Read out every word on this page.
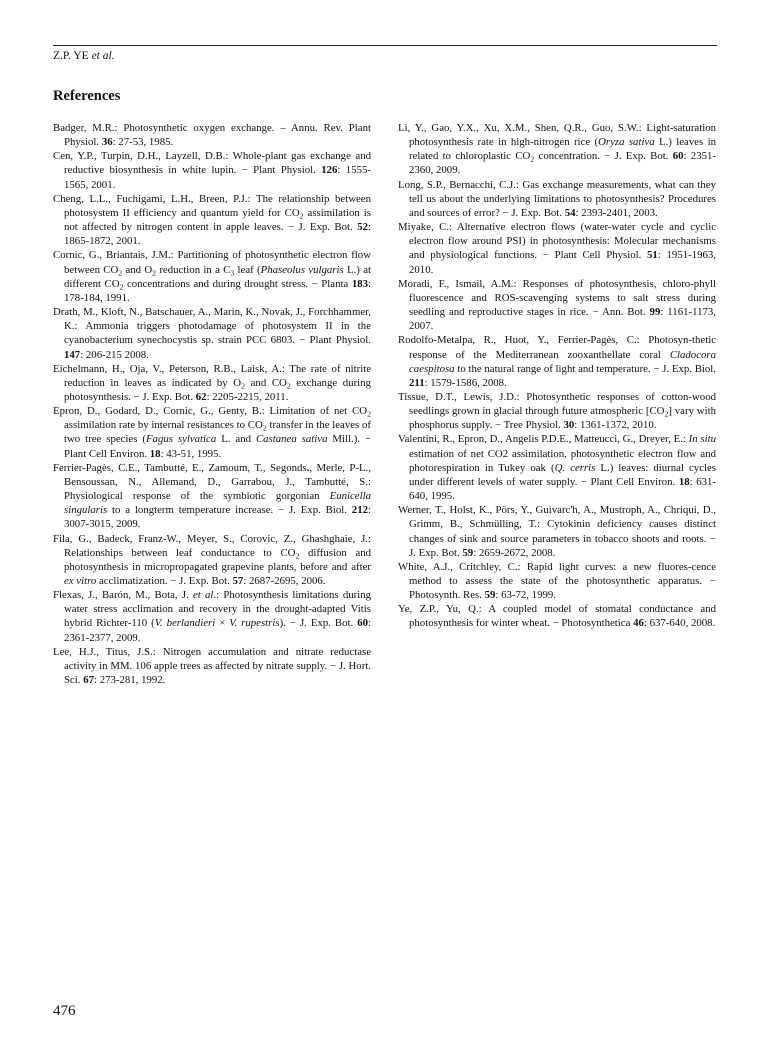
Z.P. YE et al.
References

Badger, M.R.: Photosynthetic oxygen exchange. – Annu. Rev. Plant Physiol. 36: 27-53, 1985.

Cen, Y.P., Turpin, D.H., Layzell, D.B.: Whole-plant gas exchange and reductive biosynthesis in white lupin. − Plant Physiol. 126: 1555-1565, 2001.

Cheng, L.L., Fuchigami, L.H., Breen, P.J.: The relationship between photosystem II efficiency and quantum yield for $CO_2$ assimilation is not affected by nitrogen content in apple leaves. − J. Exp. Bot. 52: 1865-1872, 2001.

Cornic, G., Briantais, J.M.: Partitioning of photosynthetic electron flow between $CO_2$ and $O_2$ reduction in a $C_3$ leaf (Phaseolus vulgaris L.) at different $CO_2$ concentrations and during drought stress. − Planta 183: 178-184, 1991.

Drath, M., Kloft, N., Batschauer, A., Marin, K., Novak, J., Forchhammer, K.: Ammonia triggers photodamage of photosystem II in the cyanobacterium synechocystis sp. strain PCC 6803. − Plant Physiol. 147: 206-215 2008.

Eichelmann, H., Oja, V., Peterson, R.B., Laisk, A.: The rate of nitrite reduction in leaves as indicated by $O_2$ and $CO_2$ exchange during photosynthesis. − J. Exp. Bot. 62: 2205-2215, 2011.

Epron, D., Godard, D., Cornic, G., Genty, B.: Limitation of net $CO_2$ assimilation rate by internal resistances to $CO_2$ transfer in the leaves of two tree species (Fagus sylvatica L. and Castanea sativa Mill.). − Plant Cell Environ. 18: 43-51, 1995.

Ferrier-Pagès, C.E., Tambutté, E., Zamoum, T., Segonds., Merle, P-L., Bensoussan, N., Allemand, D., Garrabou, J., Tambutté, S.: Physiological response of the symbiotic gorgonian Eunicella singularis to a longterm temperature increase. − J. Exp. Biol. 212: 3007-3015, 2009.

Fila, G., Badeck, Franz-W., Meyer, S., Corovic, Z., Ghashghaie, J.: Relationships between leaf conductance to $CO_2$ diffusion and photosynthesis in micropropagated grapevine plants, before and after ex vitro acclimatization. − J. Exp. Bot. 57: 2687-2695, 2006.

Flexas, J., Barón, M., Bota, J. et al.: Photosynthesis limitations during water stress acclimation and recovery in the drought-adapted Vitis hybrid Richter-110 (V. berlandieri × V. rupestris). − J. Exp. Bot. 60: 2361-2377, 2009.

Lee, H.J., Titus, J.S.: Nitrogen accumulation and nitrate reductase activity in MM. 106 apple trees as affected by nitrate supply. − J. Hort. Sci. 67: 273-281, 1992.

Li, Y., Gao, Y.X., Xu, X.M., Shen, Q.R., Guo, S.W.: Light-saturation photosynthesis rate in high-nitrogen rice (Oryza sativa L.) leaves in related to chloroplastic $CO_2$ concentration. − J. Exp. Bot. 60: 2351-2360, 2009.

Long, S.P., Bernacchi, C.J.: Gas exchange measurements, what can they tell us about the underlying limitations to photosynthesis? Procedures and sources of error? − J. Exp. Bot. 54: 2393-2401, 2003.

Miyake, C.: Alternative electron flows (water-water cycle and cyclic electron flow around PSI) in photosynthesis: Molecular mechanisms and physiological functions. − Plant Cell Physiol. 51: 1951-1963, 2010.

Moradi, F., Ismail, A.M.: Responses of photosynthesis, chloro-phyll fluorescence and ROS-scavenging systems to salt stress during seedling and reproductive stages in rice. − Ann. Bot. 99: 1161-1173, 2007.

Rodolfo-Metalpa, R., Huot, Y., Ferrier-Pagès, C.: Photosyn-thetic response of the Mediterranean zooxanthellate coral Cladocora caespitosa to the natural range of light and temperature. − J. Exp. Biol. 211: 1579-1586, 2008.

Tissue, D.T., Lewis, J.D.: Photosynthetic responses of cotton-wood seedlings grown in glacial through future atmospheric $[CO_2]$ vary with phosphorus supply. − Tree Physiol. 30: 1361-1372, 2010.

Valentini, R., Epron, D., Angelis P.D.E., Matteucci, G., Dreyer, E.: In situ estimation of net CO2 assimilation, photosynthetic electron flow and photorespiration in Tukey oak (Q. cerris L.) leaves: diurnal cycles under different levels of water supply. − Plant Cell Environ. 18: 631-640, 1995.

Werner, T., Holst, K., Pörs, Y., Guivarc'h, A., Mustroph, A., Chriqui, D., Grimm, B., Schmülling, T.: Cytokinin deficiency causes distinct changes of sink and source parameters in tobacco shoots and roots. − J. Exp. Bot. 59: 2659-2672, 2008.

White, A.J., Critchley, C.: Rapid light curves: a new fluores-cence method to assess the state of the photosynthetic apparatus. − Photosynth. Res. 59: 63-72, 1999.

Ye, Z.P., Yu, Q.: A coupled model of stomatal conductance and photosynthesis for winter wheat. − Photosynthetica 46: 637-640, 2008.

476
